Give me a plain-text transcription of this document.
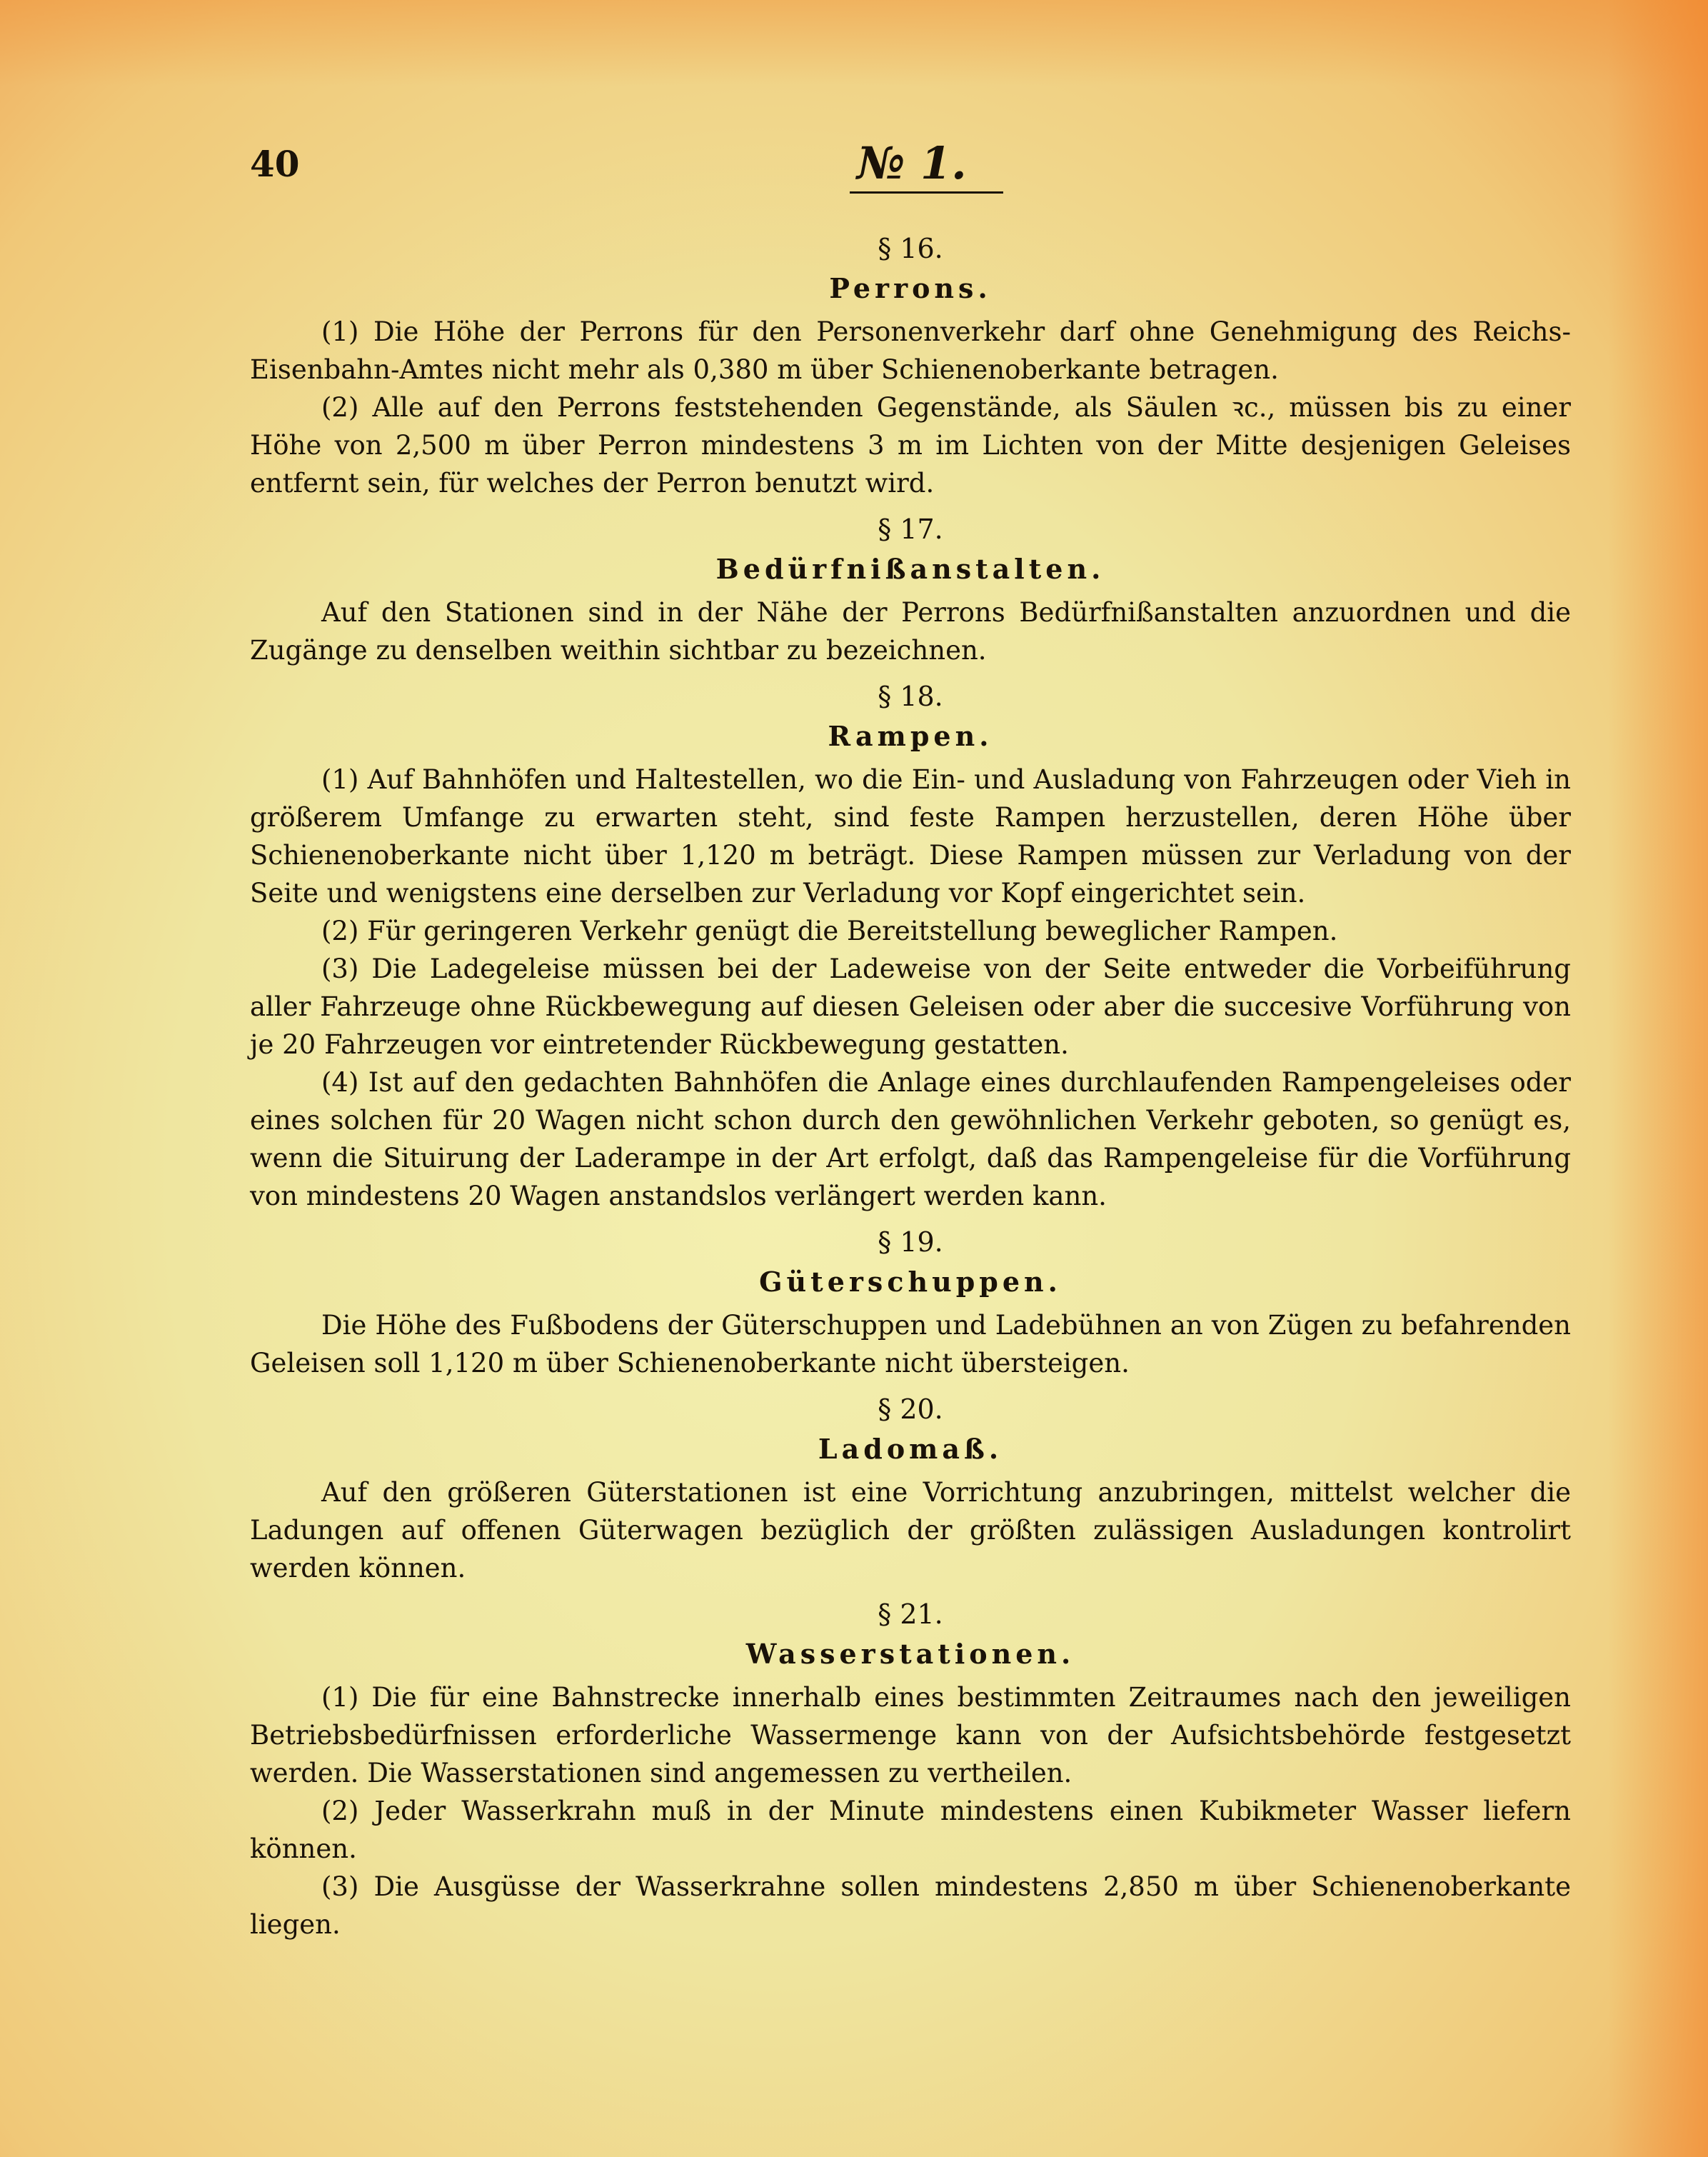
40	№ 1.

§ 16.

Perrons.

(1) Die Höhe der Perrons für den Personenverkehr darf ohne Genehmigung des Reichs-Eisenbahn-Amtes nicht mehr als 0,380 m über Schienenoberkante betragen.

(2) Alle auf den Perrons feststehenden Gegenstände, als Säulen ꝛc., müssen bis zu einer Höhe von 2,500 m über Perron mindestens 3 m im Lichten von der Mitte desjenigen Geleises entfernt sein, für welches der Perron benutzt wird.

§ 17.

Bedürfnißanstalten.

Auf den Stationen sind in der Nähe der Perrons Bedürfnißanstalten anzuordnen und die Zugänge zu denselben weithin sichtbar zu bezeichnen.

§ 18.

Rampen.

(1) Auf Bahnhöfen und Haltestellen, wo die Ein- und Ausladung von Fahrzeugen oder Vieh in größerem Umfange zu erwarten steht, sind feste Rampen herzustellen, deren Höhe über Schienenoberkante nicht über 1,120 m beträgt. Diese Rampen müssen zur Verladung von der Seite und wenigstens eine derselben zur Verladung vor Kopf eingerichtet sein.

(2) Für geringeren Verkehr genügt die Bereitstellung beweglicher Rampen.

(3) Die Ladegeleise müssen bei der Ladeweise von der Seite entweder die Vorbeiführung aller Fahrzeuge ohne Rückbewegung auf diesen Geleisen oder aber die succesive Vorführung von je 20 Fahrzeugen vor eintretender Rückbewegung gestatten.

(4) Ist auf den gedachten Bahnhöfen die Anlage eines durchlaufenden Rampengeleises oder eines solchen für 20 Wagen nicht schon durch den gewöhnlichen Verkehr geboten, so genügt es, wenn die Situirung der Laderampe in der Art erfolgt, daß das Rampengeleise für die Vorführung von mindestens 20 Wagen anstandslos verlängert werden kann.

§ 19.

Güterschuppen.

Die Höhe des Fußbodens der Güterschuppen und Ladebühnen an von Zügen zu befahrenden Geleisen soll 1,120 m über Schienenoberkante nicht übersteigen.

§ 20.

Ladomaß.

Auf den größeren Güterstationen ist eine Vorrichtung anzubringen, mittelst welcher die Ladungen auf offenen Güterwagen bezüglich der größten zulässigen Ausladungen kontrolirt werden können.

§ 21.

Wasserstationen.

(1) Die für eine Bahnstrecke innerhalb eines bestimmten Zeitraumes nach den jeweiligen Betriebsbedürfnissen erforderliche Wassermenge kann von der Aufsichtsbehörde festgesetzt werden. Die Wasserstationen sind angemessen zu vertheilen.

(2) Jeder Wasserkrahn muß in der Minute mindestens einen Kubikmeter Wasser liefern können.

(3) Die Ausgüsse der Wasserkrahne sollen mindestens 2,850 m über Schienenoberkante liegen.
